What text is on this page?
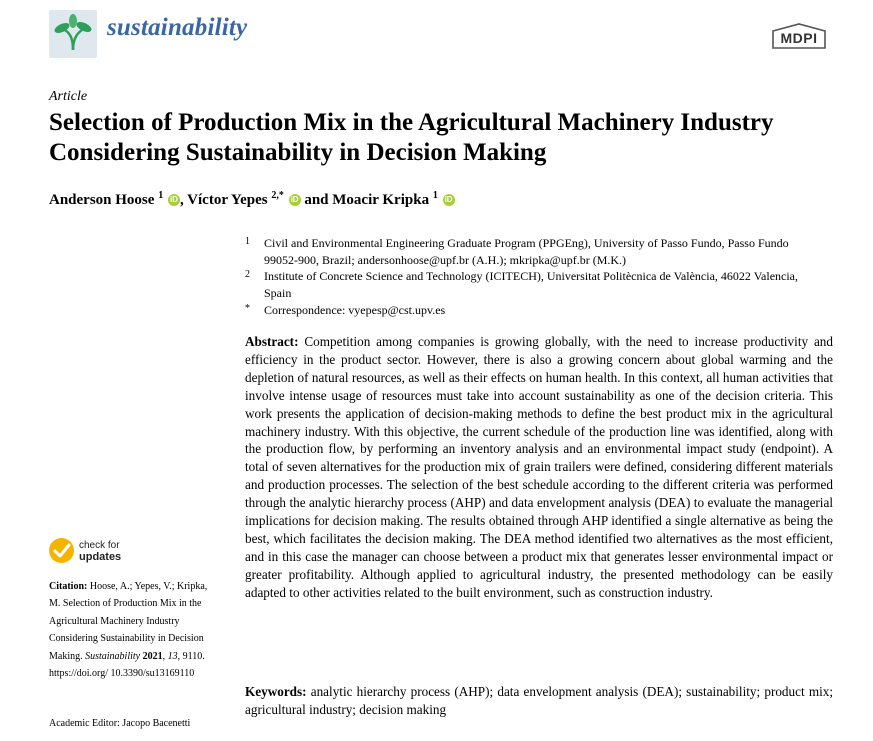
sustainability	MDPI
Article
Selection of Production Mix in the Agricultural Machinery Industry Considering Sustainability in Decision Making
Anderson Hoose $^1$ iD , Víctor Yepes $^{2,*}$ iD and Moacir Kripka $^1$ iD
1 Civil and Environmental Engineering Graduate Program (PPGEng), University of Passo Fundo, Passo Fundo 99052-900, Brazil; andersonhoose@upf.br (A.H.); mkripka@upf.br (M.K.)
2 Institute of Concrete Science and Technology (ICITECH), Universitat Politècnica de València, 46022 Valencia, Spain
* Correspondence: vyepesp@cst.upv.es

Abstract: Competition among companies is growing globally, with the need to increase productivity and efficiency in the product sector. However, there is also a growing concern about global warming and the depletion of natural resources, as well as their effects on human health. In this context, all human activities that involve intense usage of resources must take into account sustainability as one of the decision criteria. This work presents the application of decision-making methods to define the best product mix in the agricultural machinery industry. With this objective, the current schedule of the production line was identified, along with the production flow, by performing an inventory analysis and an environmental impact study (endpoint). A total of seven alternatives for the production mix of grain trailers were defined, considering different materials and production processes. The selection of the best schedule according to the different criteria was performed through the analytic hierarchy process (AHP) and data envelopment analysis (DEA) to evaluate the managerial implications for decision making. The results obtained through AHP identified a single alternative as being the best, which facilitates the decision making. The DEA method identified two alternatives as the most efficient, and in this case the manager can choose between a product mix that generates lesser environmental impact or greater profitability. Although applied to agricultural industry, the presented methodology can be easily adapted to other activities related to the built environment, such as construction industry.

Keywords: analytic hierarchy process (AHP); data envelopment analysis (DEA); sustainability; product mix; agricultural industry; decision making

check for
updates

Citation: Hoose, A.; Yepes, V.; Kripka, M. Selection of Production Mix in the Agricultural Machinery Industry Considering Sustainability in Decision Making. Sustainability 2021, 13, 9110. https://doi.org/ 10.3390/su13169110

Academic Editor: Jacopo Bacenetti
